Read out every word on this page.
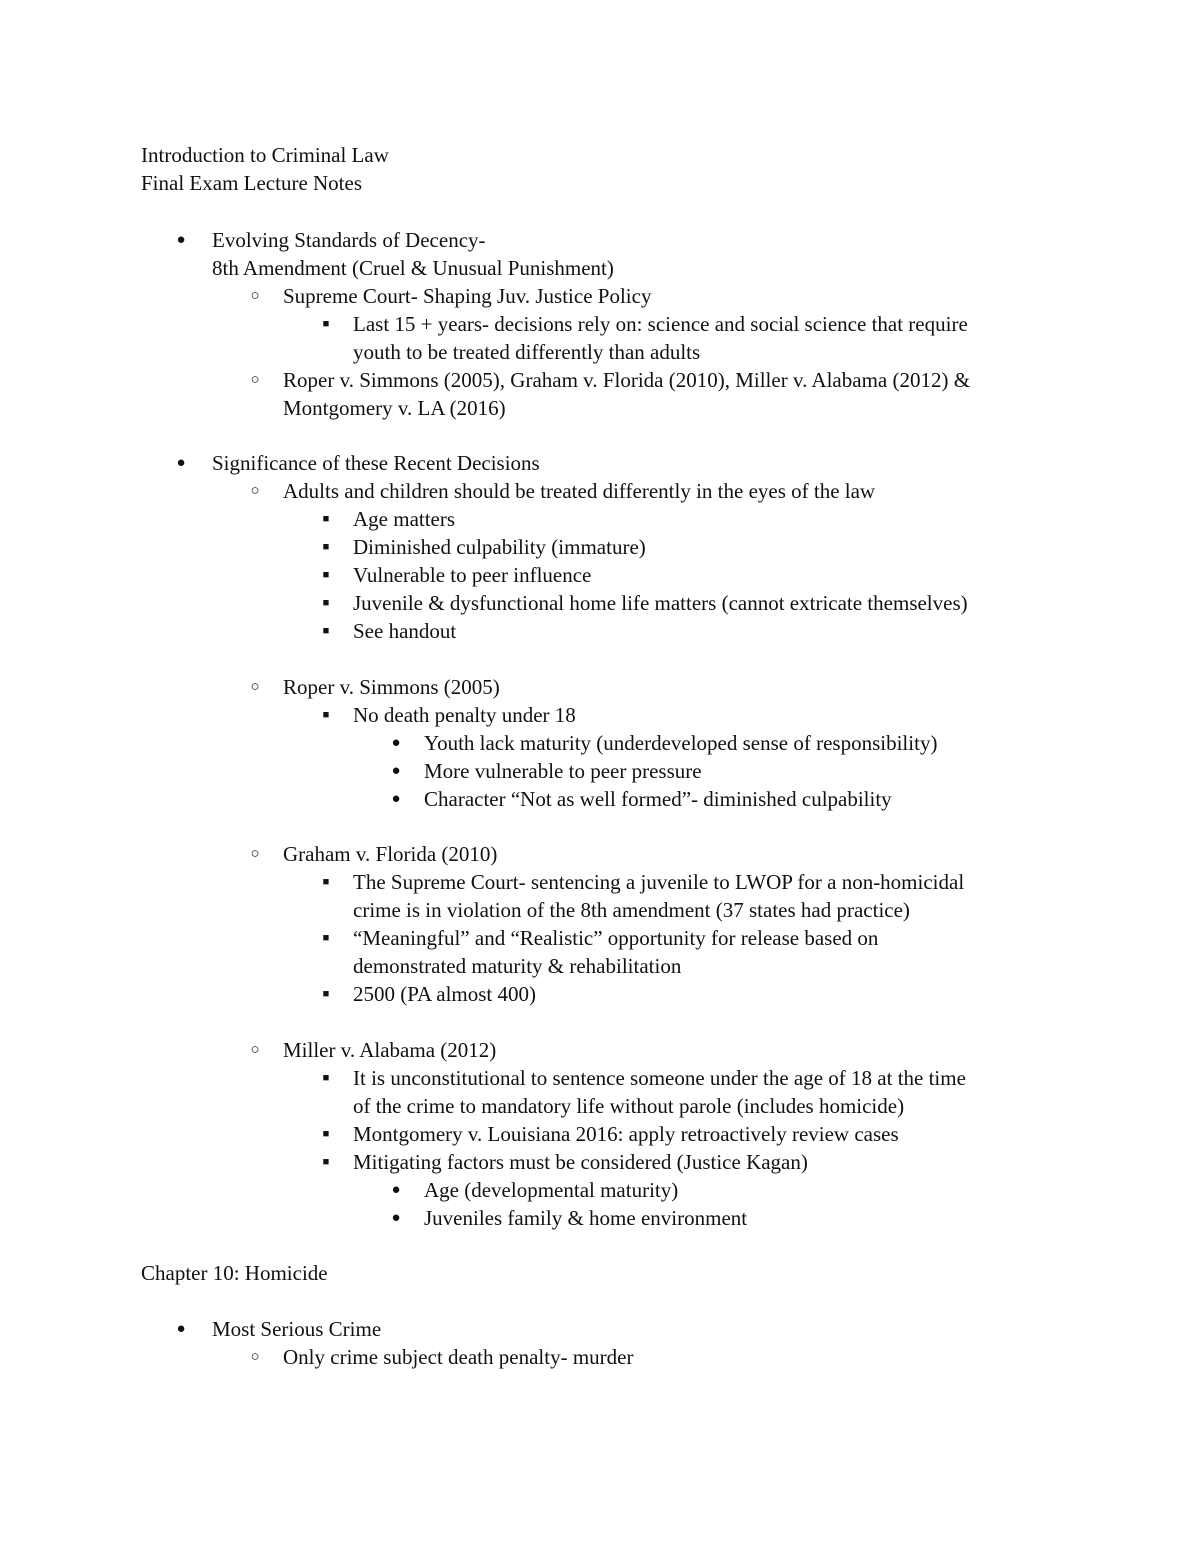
Introduction to Criminal Law
Final Exam Lecture Notes
● Evolving Standards of Decency-
8th Amendment (Cruel & Unusual Punishment)
○ Supreme Court- Shaping Juv. Justice Policy
■	Last 15 + years- decisions rely on: science and social science that require
youth to be treated differently than adults
○ Roper v. Simmons (2005), Graham v. Florida (2010), Miller v. Alabama (2012) &
Montgomery v. LA (2016)
● Significance of these Recent Decisions
○ Adults and children should be treated differently in the eyes of the law
■	Age matters
■	Diminished culpability (immature)
■	Vulnerable to peer influence
■	Juvenile & dysfunctional home life matters (cannot extricate themselves)
■	See handout
○ Roper v. Simmons (2005)
■	No death penalty under 18
● Youth lack maturity (underdeveloped sense of responsibility)
● More vulnerable to peer pressure
● Character “Not as well formed”- diminished culpability
○ Graham v. Florida (2010)
■	The Supreme Court- sentencing a juvenile to LWOP for a non-homicidal
crime is in violation of the 8th amendment (37 states had practice)
■	“Meaningful” and “Realistic” opportunity for release based on
demonstrated maturity & rehabilitation
■	2500 (PA almost 400)
○ Miller v. Alabama (2012)
■	It is unconstitutional to sentence someone under the age of 18 at the time
of the crime to mandatory life without parole (includes homicide)
■	Montgomery v. Louisiana 2016: apply retroactively review cases
■	Mitigating factors must be considered (Justice Kagan)
● Age (developmental maturity)
● Juveniles family & home environment
Chapter 10: Homicide
● Most Serious Crime
○ Only crime subject death penalty- murder
